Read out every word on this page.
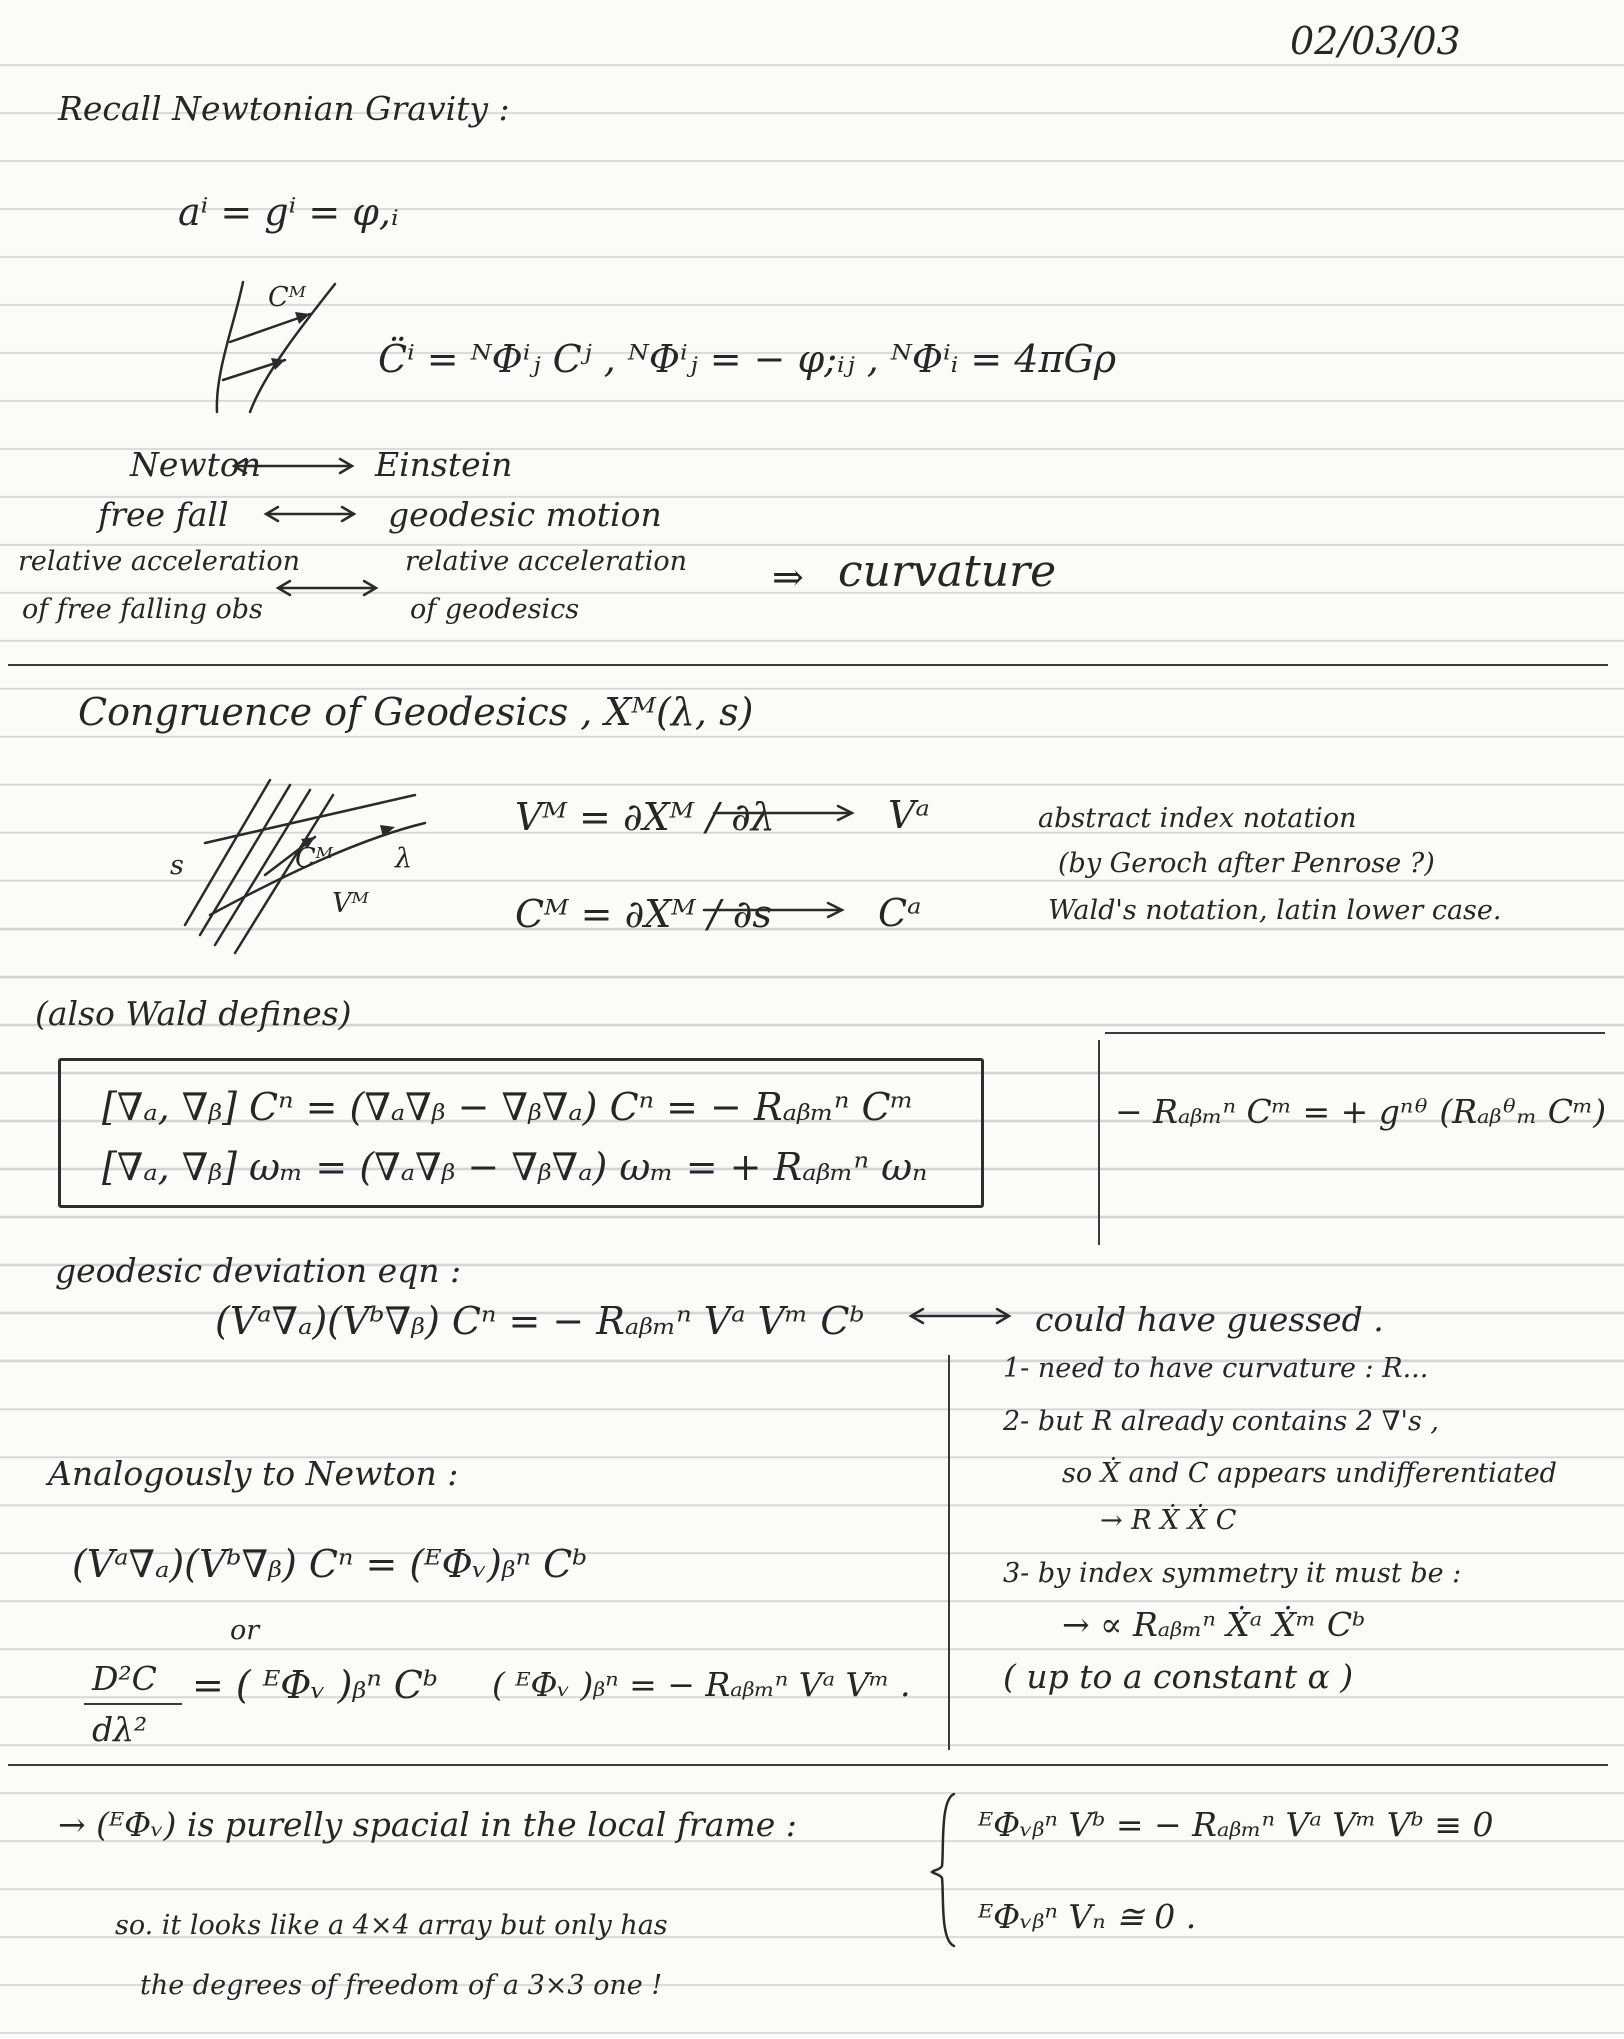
02/03/03
Recall Newtonian Gravity :
aⁱ = gⁱ = φ,ᵢ
Cᴹ
C̈ⁱ = ᴺΦⁱⱼ Cʲ , ᴺΦⁱⱼ = − φ;ᵢⱼ , ᴺΦⁱᵢ = 4πGρ
Newton	Einstein
free fall	geodesic motion
relative acceleration
of free falling obs
relative acceleration
of geodesics
⇒ curvature
Congruence of Geodesics , Xᴹ(λ, s)
s	Cᴹ λ
Vᴹ
Vᴹ = ∂Xᴹ / ∂λ	Vᵃ
Cᴹ = ∂Xᴹ / ∂s	Cᵃ
abstract index notation
(by Geroch after Penrose ?)
Wald's notation, latin lower case.
(also Wald defines)
[∇ₐ, ∇ᵦ] Cⁿ = (∇ₐ∇ᵦ − ∇ᵦ∇ₐ) Cⁿ = − Rₐᵦₘⁿ Cᵐ
[∇ₐ, ∇ᵦ] ωₘ = (∇ₐ∇ᵦ − ∇ᵦ∇ₐ) ωₘ = + Rₐᵦₘⁿ ωₙ
− Rₐᵦₘⁿ Cᵐ = + gⁿᶿ (Rₐᵦᶿₘ Cᵐ)
geodesic deviation eqn :
(Vᵃ∇ₐ)(Vᵇ∇ᵦ) Cⁿ = − Rₐᵦₘⁿ Vᵃ Vᵐ Cᵇ	could have guessed .
1- need to have curvature : R...
2- but R already contains 2 ∇'s ,
so Ẋ and C appears undifferentiated
→ R Ẋ Ẋ C
3- by index symmetry it must be :
→ ∝ Rₐᵦₘⁿ Ẋᵃ Ẋᵐ Cᵇ
( up to a constant α )
Analogously to Newton :
(Vᵃ∇ₐ)(Vᵇ∇ᵦ) Cⁿ = (ᴱΦᵥ)ᵦⁿ Cᵇ
or
D²C
dλ²
= ( ᴱΦᵥ )ᵦⁿ Cᵇ ( ᴱΦᵥ )ᵦⁿ = − Rₐᵦₘⁿ Vᵃ Vᵐ .
→ (ᴱΦᵥ) is purelly spacial in the local frame :
so. it looks like a 4×4 array but only has
the degrees of freedom of a 3×3 one !
ᴱΦᵥᵦⁿ Vᵇ = − Rₐᵦₘⁿ Vᵃ Vᵐ Vᵇ ≡ 0
ᴱΦᵥᵦⁿ Vₙ ≅ 0 .
